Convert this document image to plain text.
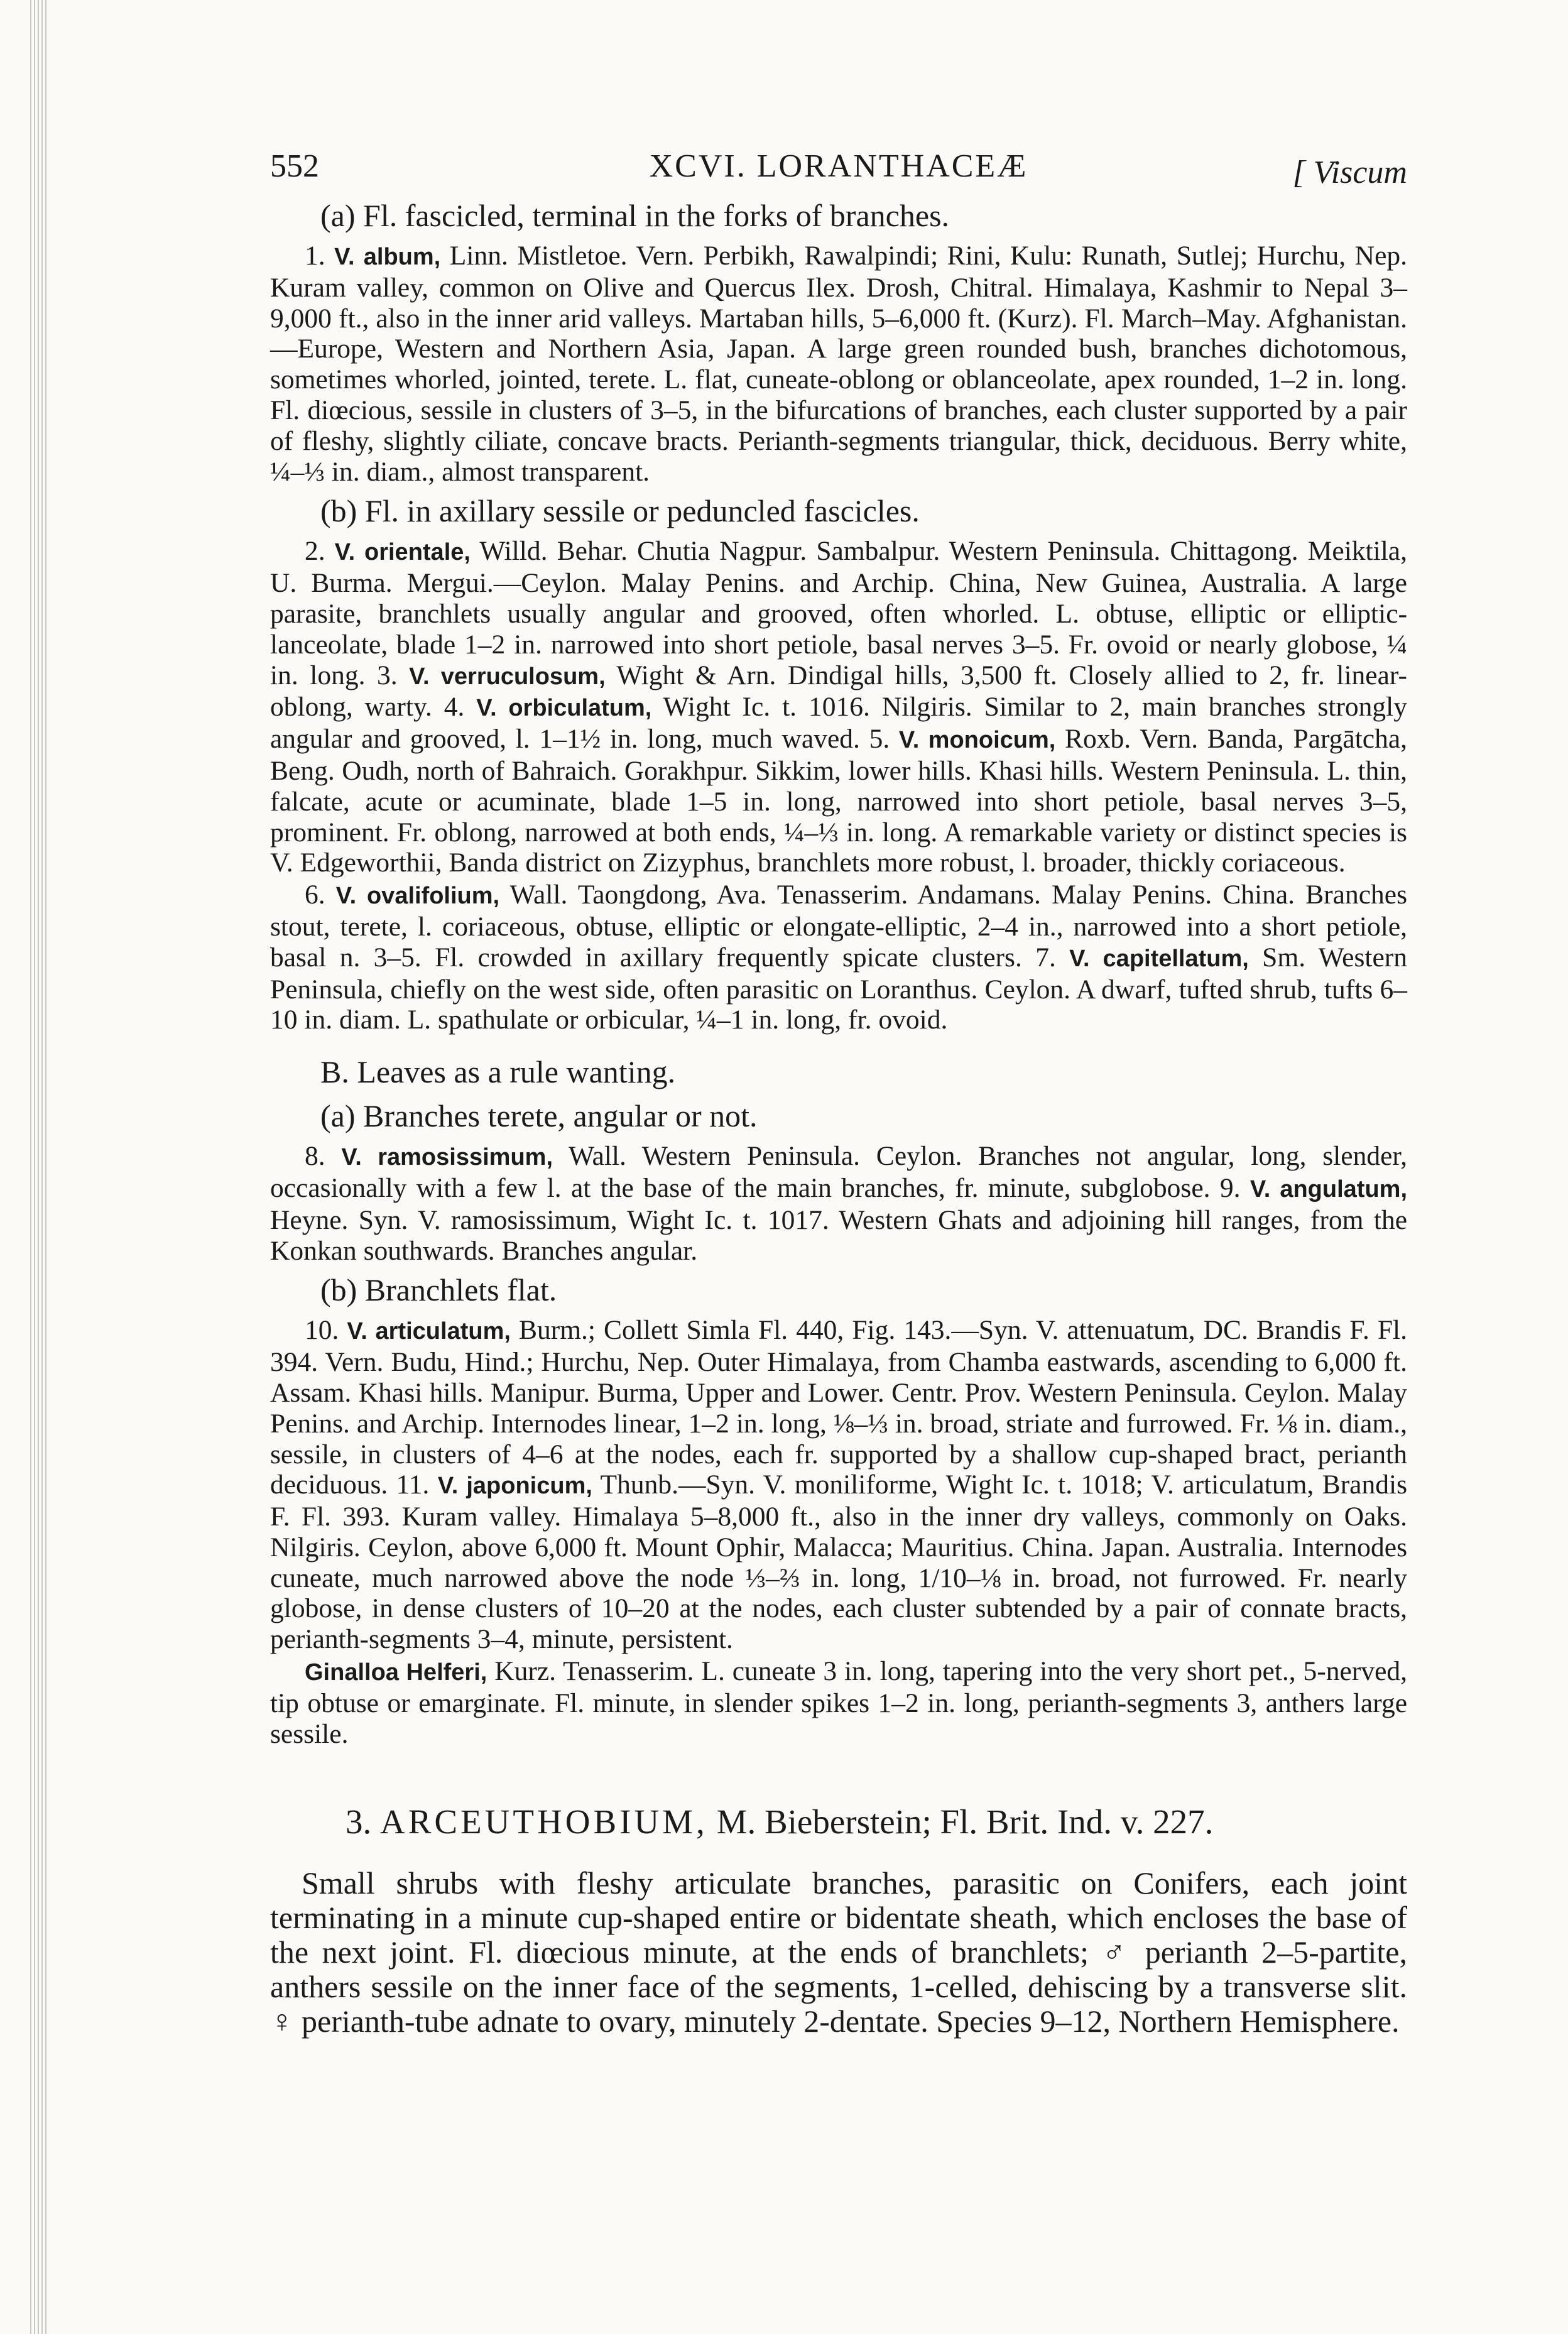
552	XCVI. LORANTHACEÆ	[ Viscum

(a) Fl. fascicled, terminal in the forks of branches.

1. V. album, Linn. Mistletoe. Vern. Perbikh, Rawalpindi; Rini, Kulu: Runath, Sutlej; Hurchu, Nep. Kuram valley, common on Olive and Quercus Ilex. Drosh, Chitral. Himalaya, Kashmir to Nepal 3–9,000 ft., also in the inner arid valleys. Martaban hills, 5–6,000 ft. (Kurz). Fl. March–May. Afghanistan.—Europe, Western and Northern Asia, Japan. A large green rounded bush, branches dichotomous, sometimes whorled, jointed, terete. L. flat, cuneate-oblong or oblanceolate, apex rounded, 1–2 in. long. Fl. diœcious, sessile in clusters of 3–5, in the bifurcations of branches, each cluster supported by a pair of fleshy, slightly ciliate, concave bracts. Perianth-segments triangular, thick, deciduous. Berry white, ¼–⅓ in. diam., almost transparent.

(b) Fl. in axillary sessile or peduncled fascicles.

2. V. orientale, Willd. Behar. Chutia Nagpur. Sambalpur. Western Peninsula. Chittagong. Meiktila, U. Burma. Mergui.—Ceylon. Malay Penins. and Archip. China, New Guinea, Australia. A large parasite, branchlets usually angular and grooved, often whorled. L. obtuse, elliptic or elliptic-lanceolate, blade 1–2 in. narrowed into short petiole, basal nerves 3–5. Fr. ovoid or nearly globose, ¼ in. long. 3. V. verruculosum, Wight & Arn. Dindigal hills, 3,500 ft. Closely allied to 2, fr. linear-oblong, warty. 4. V. orbiculatum, Wight Ic. t. 1016. Nilgiris. Similar to 2, main branches strongly angular and grooved, l. 1–1½ in. long, much waved. 5. V. monoicum, Roxb. Vern. Banda, Pargātcha, Beng. Oudh, north of Bahraich. Gorakhpur. Sikkim, lower hills. Khasi hills. Western Peninsula. L. thin, falcate, acute or acuminate, blade 1–5 in. long, narrowed into short petiole, basal nerves 3–5, prominent. Fr. oblong, narrowed at both ends, ¼–⅓ in. long. A remarkable variety or distinct species is V. Edgeworthii, Banda district on Zizyphus, branchlets more robust, l. broader, thickly coriaceous.

6. V. ovalifolium, Wall. Taongdong, Ava. Tenasserim. Andamans. Malay Penins. China. Branches stout, terete, l. coriaceous, obtuse, elliptic or elongate-elliptic, 2–4 in., narrowed into a short petiole, basal n. 3–5. Fl. crowded in axillary frequently spicate clusters. 7. V. capitellatum, Sm. Western Peninsula, chiefly on the west side, often parasitic on Loranthus. Ceylon. A dwarf, tufted shrub, tufts 6–10 in. diam. L. spathulate or orbicular, ¼–1 in. long, fr. ovoid.

B. Leaves as a rule wanting.

(a) Branches terete, angular or not.

8. V. ramosissimum, Wall. Western Peninsula. Ceylon. Branches not angular, long, slender, occasionally with a few l. at the base of the main branches, fr. minute, subglobose. 9. V. angulatum, Heyne. Syn. V. ramosissimum, Wight Ic. t. 1017. Western Ghats and adjoining hill ranges, from the Konkan southwards. Branches angular.

(b) Branchlets flat.

10. V. articulatum, Burm.; Collett Simla Fl. 440, Fig. 143.—Syn. V. attenuatum, DC. Brandis F. Fl. 394. Vern. Budu, Hind.; Hurchu, Nep. Outer Himalaya, from Chamba eastwards, ascending to 6,000 ft. Assam. Khasi hills. Manipur. Burma, Upper and Lower. Centr. Prov. Western Peninsula. Ceylon. Malay Penins. and Archip. Internodes linear, 1–2 in. long, ⅛–⅓ in. broad, striate and furrowed. Fr. ⅛ in. diam., sessile, in clusters of 4–6 at the nodes, each fr. supported by a shallow cup-shaped bract, perianth deciduous. 11. V. japonicum, Thunb.—Syn. V. moniliforme, Wight Ic. t. 1018; V. articulatum, Brandis F. Fl. 393. Kuram valley. Himalaya 5–8,000 ft., also in the inner dry valleys, commonly on Oaks. Nilgiris. Ceylon, above 6,000 ft. Mount Ophir, Malacca; Mauritius. China. Japan. Australia. Internodes cuneate, much narrowed above the node ⅓–⅔ in. long, 1/10–⅛ in. broad, not furrowed. Fr. nearly globose, in dense clusters of 10–20 at the nodes, each cluster subtended by a pair of connate bracts, perianth-segments 3–4, minute, persistent.

Ginalloa Helferi, Kurz. Tenasserim. L. cuneate 3 in. long, tapering into the very short pet., 5-nerved, tip obtuse or emarginate. Fl. minute, in slender spikes 1–2 in. long, perianth-segments 3, anthers large sessile.

3. ARCEUTHOBIUM, M. Bieberstein; Fl. Brit. Ind. v. 227.

Small shrubs with fleshy articulate branches, parasitic on Conifers, each joint terminating in a minute cup-shaped entire or bidentate sheath, which encloses the base of the next joint. Fl. diœcious minute, at the ends of branchlets; ♂ perianth 2–5-partite, anthers sessile on the inner face of the segments, 1-celled, dehiscing by a transverse slit. ♀ perianth-tube adnate to ovary, minutely 2-dentate. Species 9–12, Northern Hemisphere.
